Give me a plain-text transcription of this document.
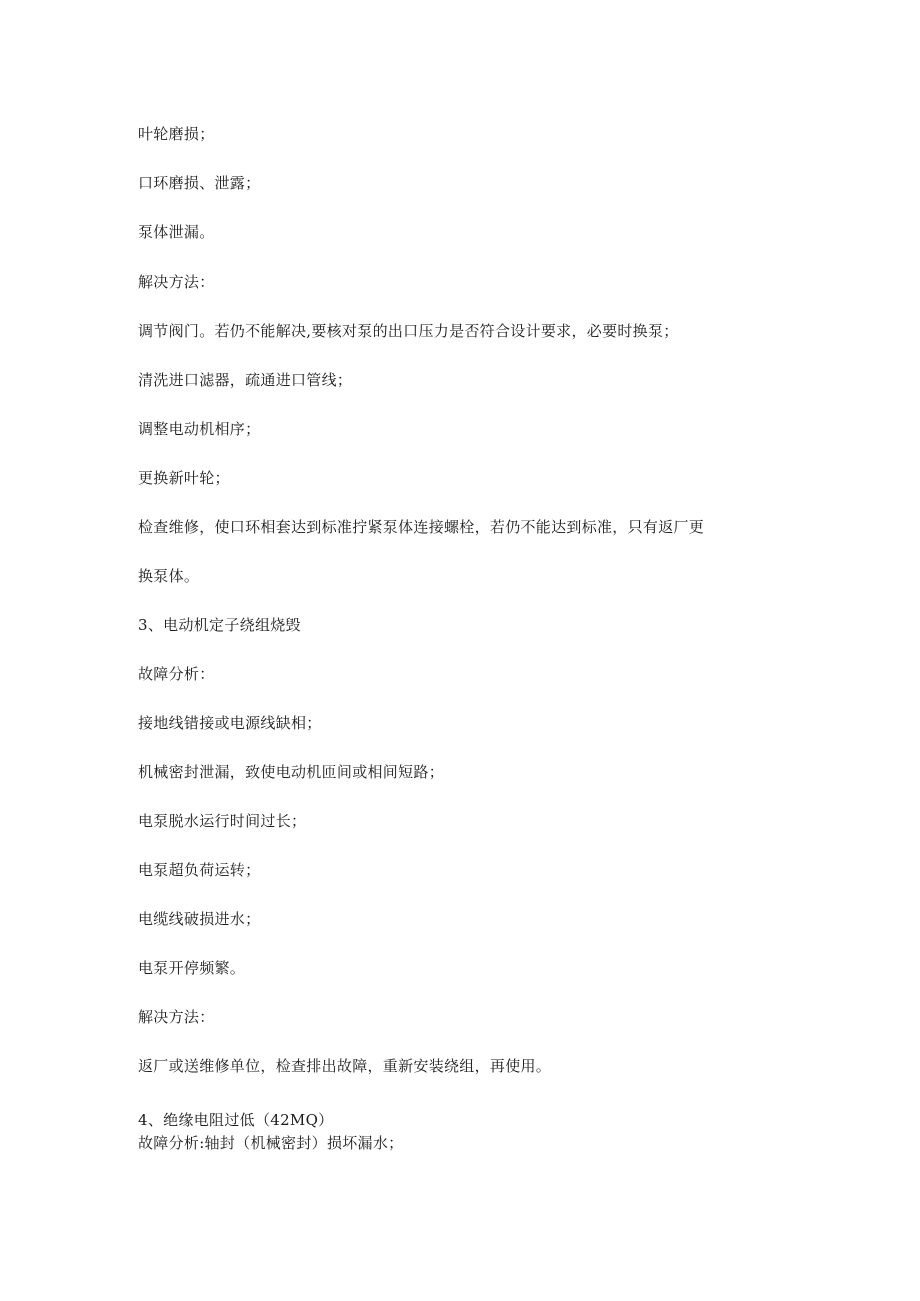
叶轮磨损；
口环磨损、泄露；
泵体泄漏。
解决方法：
调节阀门。若仍不能解决,要核对泵的出口压力是否符合设计要求，必要时换泵；
清洗进口滤器，疏通进口管线；
调整电动机相序；
更换新叶轮；
检查维修，使口环相套达到标准拧紧泵体连接螺栓，若仍不能达到标准，只有返厂更
换泵体。
3、电动机定子绕组烧毁
故障分析：
接地线错接或电源线缺相；
机械密封泄漏，致使电动机匝间或相间短路；
电泵脱水运行时间过长；
电泵超负荷运转；
电缆线破损进水；
电泵开停频繁。
解决方法：
返厂或送维修单位，检查排出故障，重新安装绕组，再使用。
4、绝缘电阻过低（42MQ）
故障分析:轴封（机械密封）损坏漏水；
